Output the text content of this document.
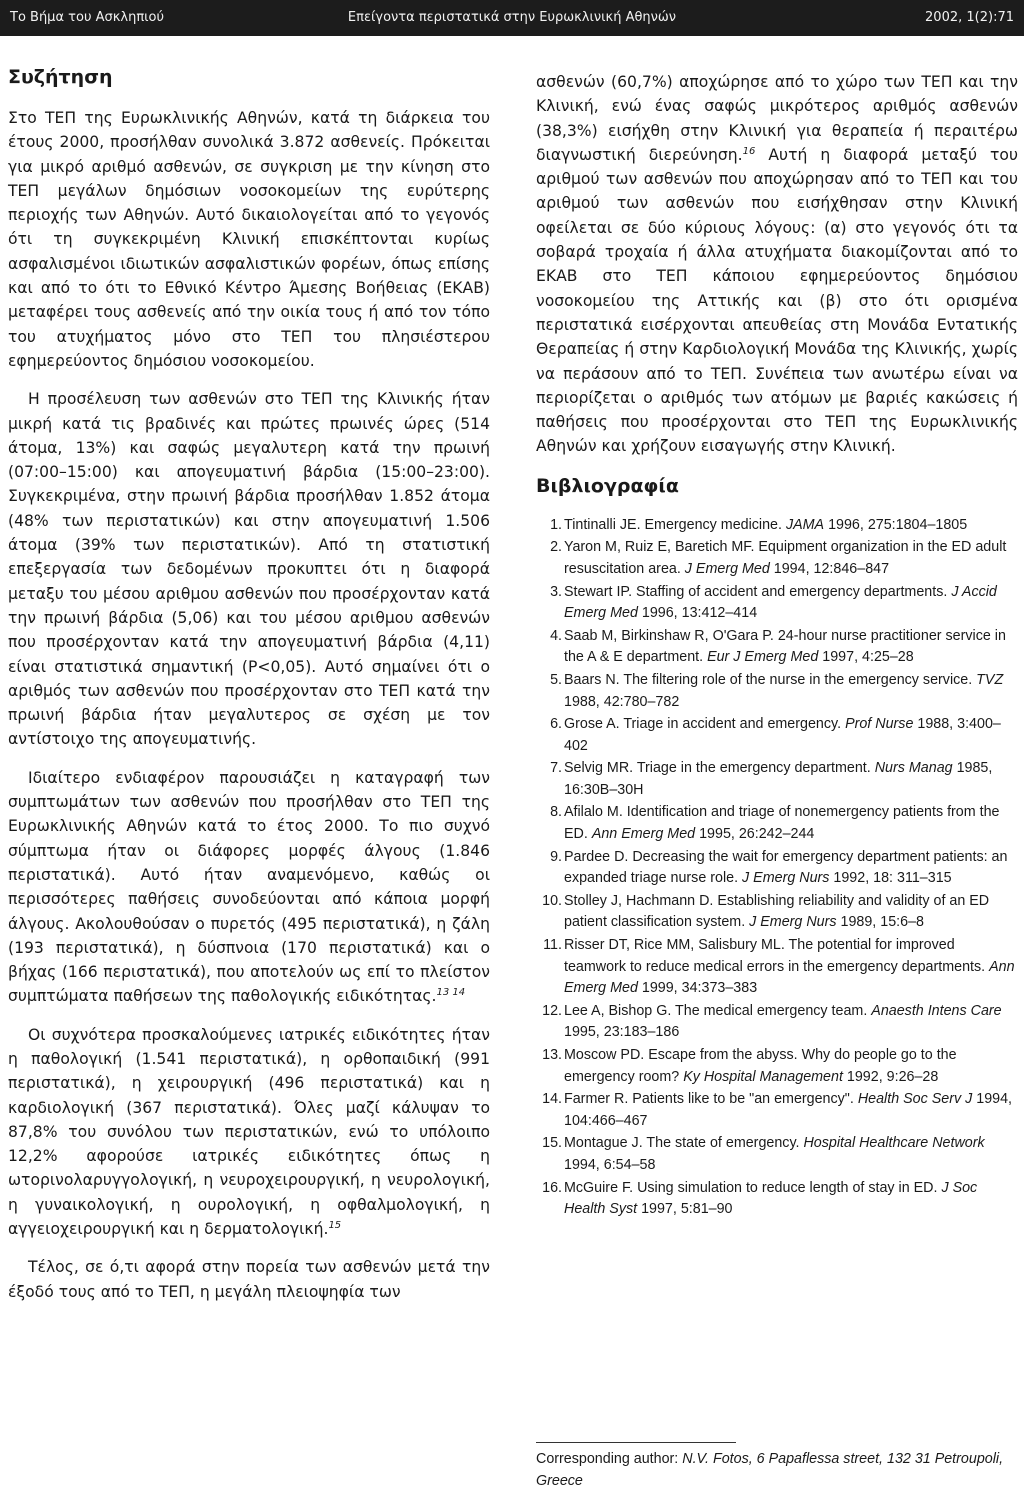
Επείγοντα περιστατικά στην Ευρωκλινική Αθηνών
Το Βήμα του Ασκληπιού	2002, 1(2):71
Συζήτηση

Στο ΤΕΠ της Ευρωκλινικής Αθηνών, κατά τη διάρκεια του έτους 2000, προσήλθαν συνολικά 3.872 ασθενείς. Πρόκειται για μικρό αριθμό ασθενών, σε συγκριση με την κίνηση στο ΤΕΠ μεγάλων δημόσιων νοσοκομείων της ευρύτερης περιοχής των Αθηνών. Αυτό δικαιολογείται από το γεγονός ότι τη συγκεκριμένη Κλινική επισκέπτονται κυρίως ασφαλισμένοι ιδιωτικών ασφαλιστικών φορέων, όπως επίσης και από το ότι το Εθνικό Κέντρο Άμεσης Βοήθειας (ΕΚΑΒ) μεταφέρει τους ασθενείς από την οικία τους ή από τον τόπο του ατυχήματος μόνο στο ΤΕΠ του πλησιέστερου εφημερεύοντος δημόσιου νοσοκομείου.

Η προσέλευση των ασθενών στο ΤΕΠ της Κλινικής ήταν μικρή κατά τις βραδινές και πρώτες πρωινές ώρες (514 άτομα, 13%) και σαφώς μεγαλυτερη κατά την πρωινή (07:00–15:00) και απογευματινή βάρδια (15:00–23:00). Συγκεκριμένα, στην πρωινή βάρδια προσήλθαν 1.852 άτομα (48% των περιστατικών) και στην απογευματινή 1.506 άτομα (39% των περιστατικών). Από τη στατιστική επεξεργασία των δεδομένων προκυπτει ότι η διαφορά μεταξυ του μέσου αριθμου ασθενών που προσέρχονταν κατά την πρωινή βάρδια (5,06) και του μέσου αριθμου ασθενών που προσέρχονταν κατά την απογευματινή βάρδια (4,11) είναι στατιστικά σημαντική (P<0,05). Αυτό σημαίνει ότι ο αριθμός των ασθενών που προσέρχονταν στο ΤΕΠ κατά την πρωινή βάρδια ήταν μεγαλυτερος σε σχέση με τον αντίστοιχο της απογευματινής.

Ιδιαίτερο ενδιαφέρον παρουσιάζει η καταγραφή των συμπτωμάτων των ασθενών που προσήλθαν στο ΤΕΠ της Ευρωκλινικής Αθηνών κατά το έτος 2000. Το πιο συχνό σύμπτωμα ήταν οι διάφορες μορφές άλγους (1.846 περιστατικά). Αυτό ήταν αναμενόμενο, καθώς οι περισσότερες παθήσεις συνοδεύονται από κάποια μορφή άλγους. Ακολουθούσαν ο πυρετός (495 περιστατικά), η ζάλη (193 περιστατικά), η δύσπνοια (170 περιστατικά) και ο βήχας (166 περιστατικά), που αποτελούν ως επί το πλείστον συμπτώματα παθήσεων της παθολογικής ειδικότητας.$^{13 14}$

Οι συχνότερα προσκαλούμενες ιατρικές ειδικότητες ήταν η παθολογική (1.541 περιστατικά), η ορθοπαιδική (991 περιστατικά), η χειρουργική (496 περιστατικά) και η καρδιολογική (367 περιστατικά). Όλες μαζί κάλυψαν το 87,8% του συνόλου των περιστατικών, ενώ το υπόλοιπο 12,2% αφορούσε ιατρικές ειδικότητες όπως η ωτορινολαρυγγολογική, η νευροχειρουργική, η νευρολογική, η γυναικολογική, η ουρολογική, η οφθαλμολογική, η αγγειοχειρουργική και η δερματολογική.$^{15}$

Τέλος, σε ό,τι αφορά στην πορεία των ασθενών μετά την έξοδό τους από το ΤΕΠ, η μεγάλη πλειοψηφία των

ασθενών (60,7%) αποχώρησε από το χώρο των ΤΕΠ και την Κλινική, ενώ ένας σαφώς μικρότερος αριθμός ασθενών (38,3%) εισήχθη στην Κλινική για θεραπεία ή περαιτέρω διαγνωστική διερεύνηση.$^{16}$ Αυτή η διαφορά μεταξύ του αριθμού των ασθενών που αποχώρησαν από το ΤΕΠ και του αριθμού των ασθενών που εισήχθησαν στην Κλινική οφείλεται σε δύο κύριους λόγους: (α) στο γεγονός ότι τα σοβαρά τροχαία ή άλλα ατυχήματα διακομίζονται από το ΕΚΑΒ στο ΤΕΠ κάποιου εφημερεύοντος δημόσιου νοσοκομείου της Αττικής και (β) στο ότι ορισμένα περιστατικά εισέρχονται απευθείας στη Μονάδα Εντατικής Θεραπείας ή στην Καρδιολογική Μονάδα της Κλινικής, χωρίς να περάσουν από το ΤΕΠ. Συνέπεια των ανωτέρω είναι να περιορίζεται ο αριθμός των ατόμων με βαριές κακώσεις ή παθήσεις που προσέρχονται στο ΤΕΠ της Ευρωκλινικής Αθηνών και χρήζουν εισαγωγής στην Κλινική.

Βιβλιογραφία
1. Tintinalli JE. Emergency medicine. JAMA 1996, 275:1804–1805
2. Yaron M, Ruiz E, Baretich MF. Equipment organization in the ED adult resuscitation area. J Emerg Med 1994, 12:846–847
3. Stewart IP. Staffing of accident and emergency departments. J Accid Emerg Med 1996, 13:412–414
4. Saab M, Birkinshaw R, O'Gara P. 24-hour nurse practitioner service in the A & E department. Eur J Emerg Med 1997, 4:25–28
5. Baars N. The filtering role of the nurse in the emergency service. TVZ 1988, 42:780–782
6. Grose A. Triage in accident and emergency. Prof Nurse 1988, 3:400–402
7. Selvig MR. Triage in the emergency department. Nurs Manag 1985, 16:30B–30H
8. Afilalo M. Identification and triage of nonemergency patients from the ED. Ann Emerg Med 1995, 26:242–244
9. Pardee D. Decreasing the wait for emergency department patients: an expanded triage nurse role. J Emerg Nurs 1992, 18: 311–315
10. Stolley J, Hachmann D. Establishing reliability and validity of an ED patient classification system. J Emerg Nurs 1989, 15:6–8
11. Risser DT, Rice MM, Salisbury ML. The potential for improved teamwork to reduce medical errors in the emergency departments. Ann Emerg Med 1999, 34:373–383
12. Lee A, Bishop G. The medical emergency team. Anaesth Intens Care 1995, 23:183–186
13. Moscow PD. Escape from the abyss. Why do people go to the emergency room? Ky Hospital Management 1992, 9:26–28
14. Farmer R. Patients like to be "an emergency". Health Soc Serv J 1994, 104:466–467
15. Montague J. The state of emergency. Hospital Healthcare Network 1994, 6:54–58
16. McGuire F. Using simulation to reduce length of stay in ED. J Soc Health Syst 1997, 5:81–90
Corresponding author: N.V. Fotos, 6 Papaflessa street, 132 31 Petroupoli, Greece
